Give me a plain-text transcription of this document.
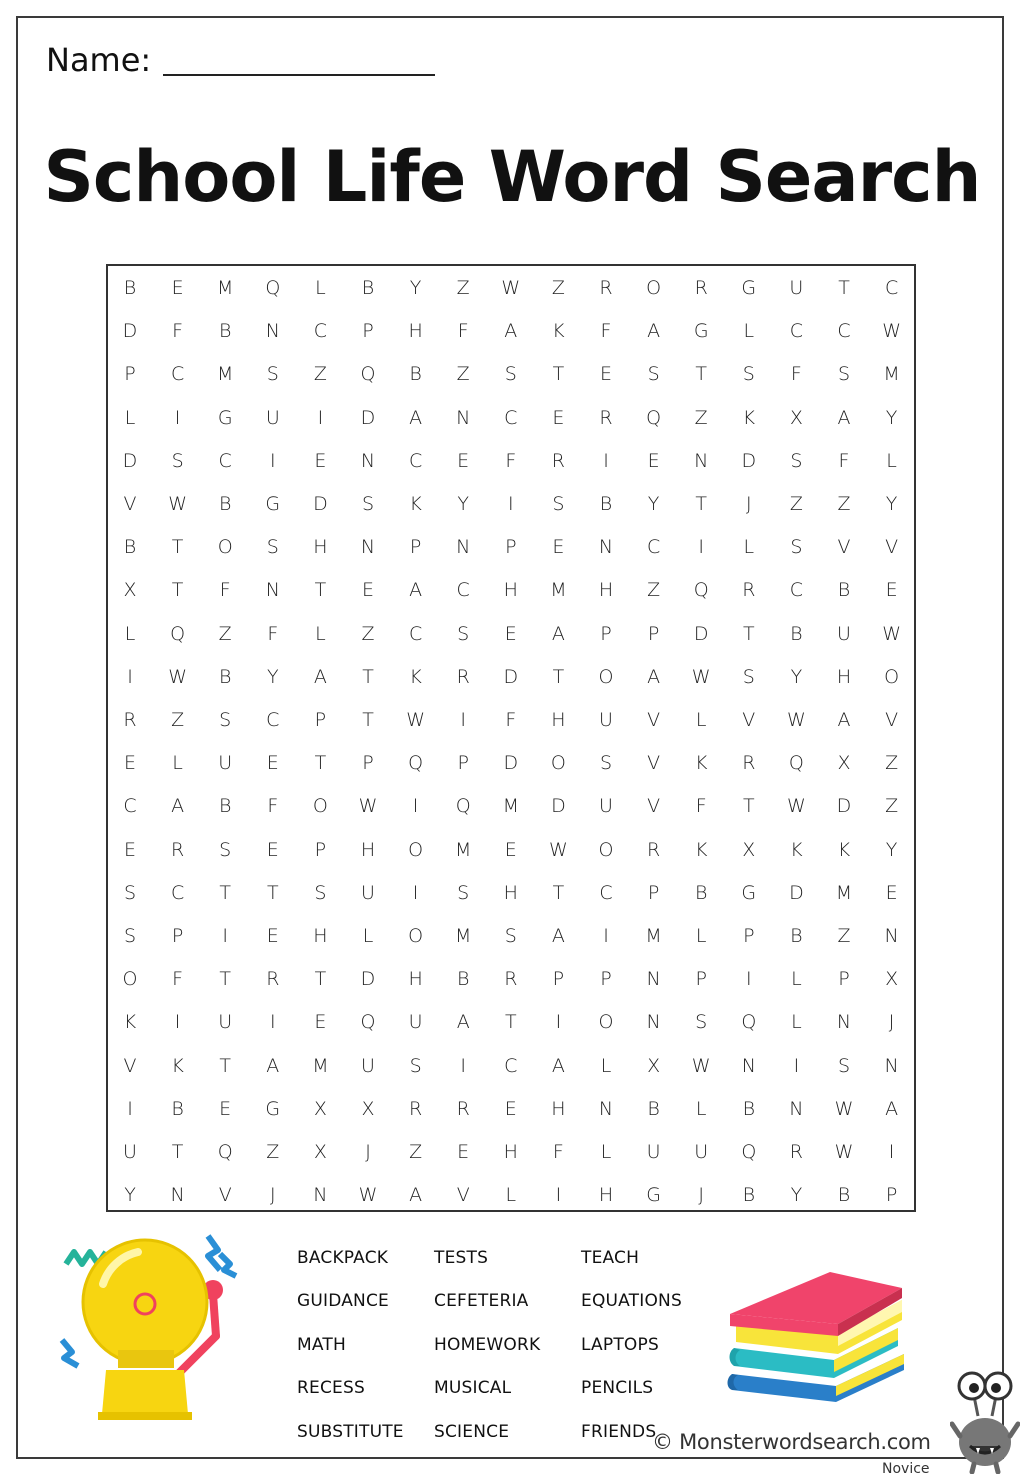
Name:
School Life Word Search
B	E	M	Q	L	B	Y	Z	W	Z	R	O	R	G	U	T	C
D	F	B	N	C	P	H	F	A	K	F	A	G	L	C	C	W
P	C	M	S	Z	Q	B	Z	S	T	E	S	T	S	F	S	M
L	I	G	U	I	D	A	N	C	E	R	Q	Z	K	X	A	Y
D	S	C	I	E	N	C	E	F	R	I	E	N	D	S	F	L
V	W	B	G	D	S	K	Y	I	S	B	Y	T	J	Z	Z	Y
B	T	O	S	H	N	P	N	P	E	N	C	I	L	S	V	V
X	T	F	N	T	E	A	C	H	M	H	Z	Q	R	C	B	E
L	Q	Z	F	L	Z	C	S	E	A	P	P	D	T	B	U	W
I	W	B	Y	A	T	K	R	D	T	O	A	W	S	Y	H	O
R	Z	S	C	P	T	W	I	F	H	U	V	L	V	W	A	V
E	L	U	E	T	P	Q	P	D	O	S	V	K	R	Q	X	Z
C	A	B	F	O	W	I	Q	M	D	U	V	F	T	W	D	Z
E	R	S	E	P	H	O	M	E	W	O	R	K	X	K	K	Y
S	C	T	T	S	U	I	S	H	T	C	P	B	G	D	M	E
S	P	I	E	H	L	O	M	S	A	I	M	L	P	B	Z	N
O	F	T	R	T	D	H	B	R	P	P	N	P	I	L	P	X
K	I	U	I	E	Q	U	A	T	I	O	N	S	Q	L	N	J
V	K	T	A	M	U	S	I	C	A	L	X	W	N	I	S	N
I	B	E	G	X	X	R	R	E	H	N	B	L	B	N	W	A
U	T	Q	Z	X	J	Z	E	H	F	L	U	U	Q	R	W	I
Y	N	V	J	N	W	A	V	L	I	H	G	J	B	Y	B	P
BACKPACK
GUIDANCE
MATH
RECESS
SUBSTITUTE
TESTS
CEFETERIA
HOMEWORK
MUSICAL
SCIENCE
TEACH
EQUATIONS
LAPTOPS
PENCILS
FRIENDS
© Monsterwordsearch.com
Novice
